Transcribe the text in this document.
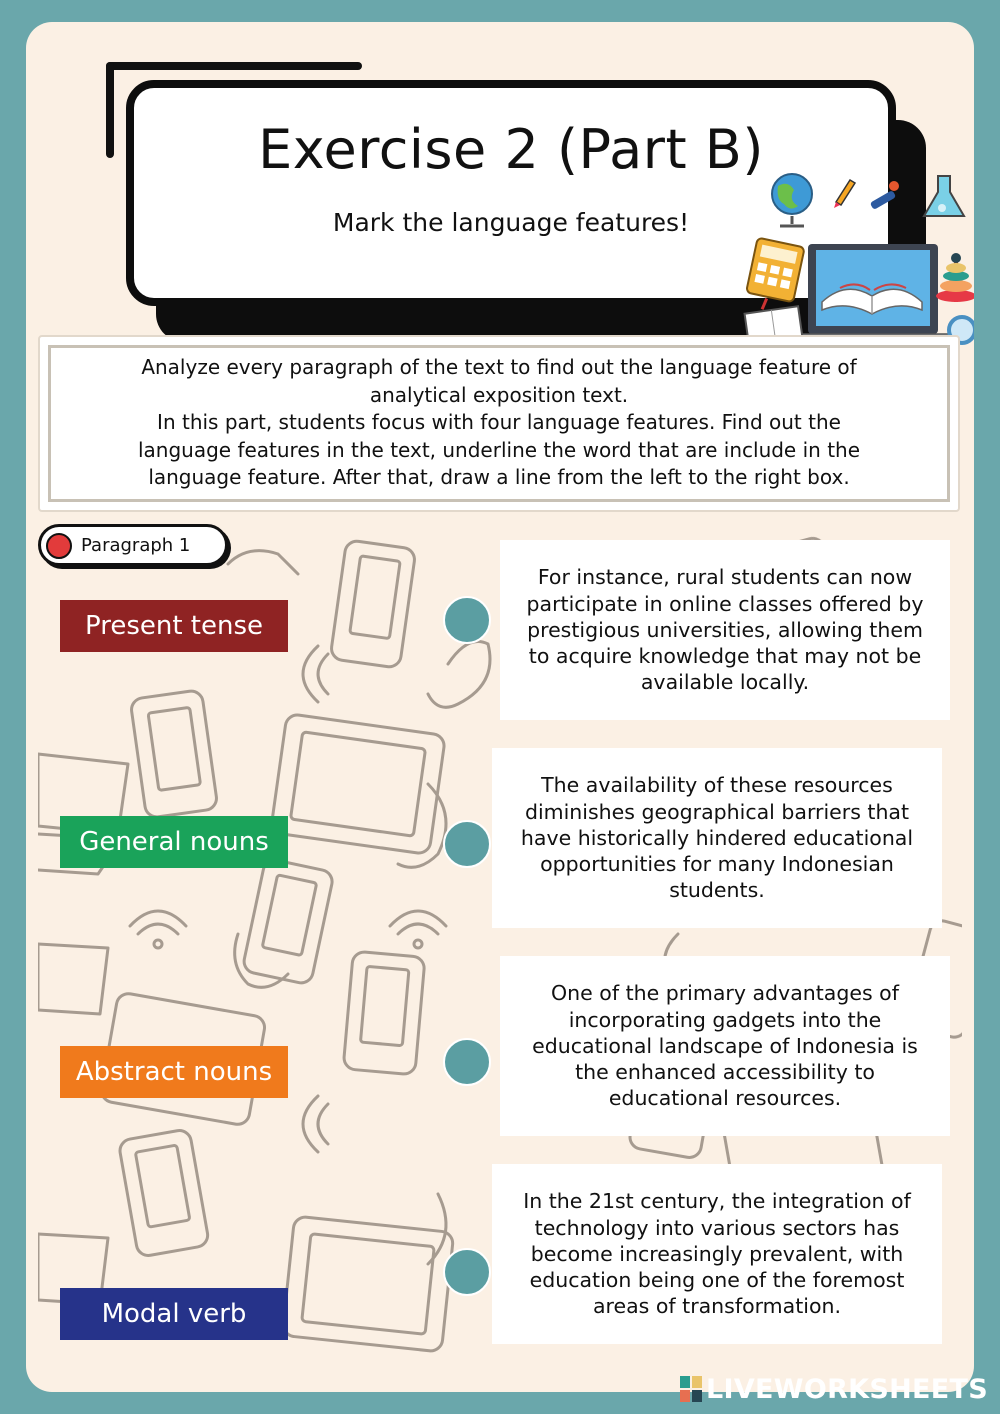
Exercise 2 (Part B)
Mark the language features!
Analyze every paragraph of the text to find out the language feature of
analytical exposition text.
In this part, students focus with four language features. Find out the
language features in the text, underline the word that are include in the
language feature. After that, draw a line from the left to the right box.
Paragraph 1
Present tense
General nouns
Abstract nouns
Modal verb
For instance, rural students can now participate in online classes offered by prestigious universities, allowing them to acquire knowledge that may not be available locally.
The availability of these resources diminishes geographical barriers that have historically hindered educational opportunities for many Indonesian students.
One of the primary advantages of incorporating gadgets into the educational landscape of Indonesia is the enhanced accessibility to educational resources.
In the 21st century, the integration of technology into various sectors has become increasingly prevalent, with education being one of the foremost areas of transformation.
LIVEWORKSHEETS
